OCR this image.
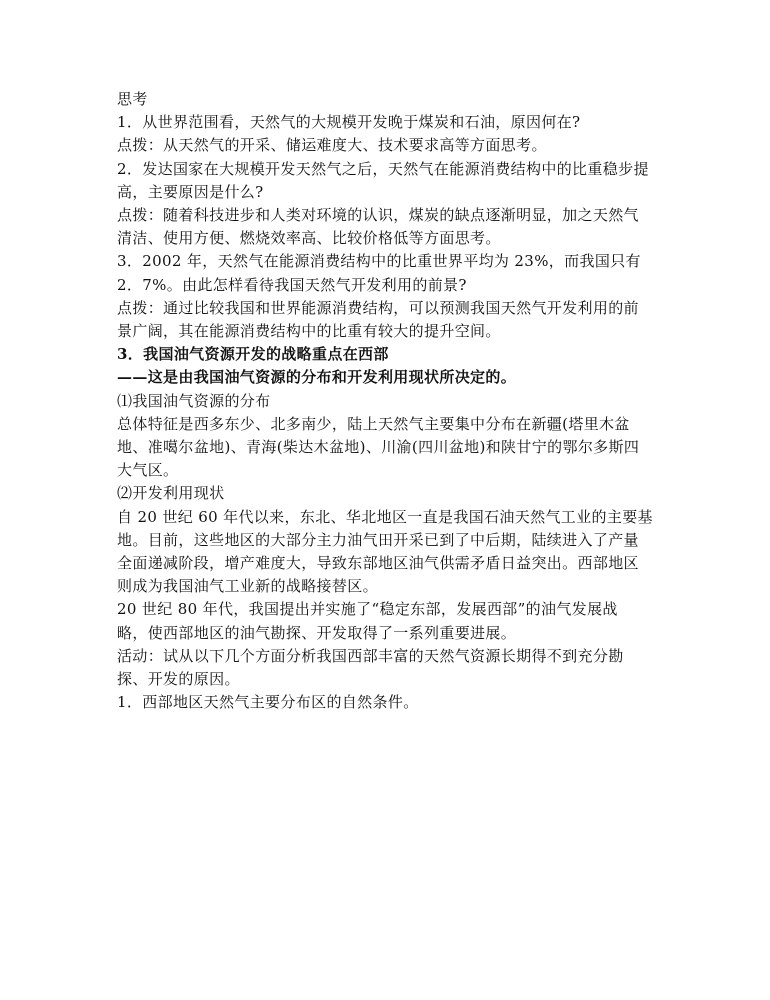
思考
1．从世界范围看，天然气的大规模开发晚于煤炭和石油，原因何在?
点拨：从天然气的开采、储运难度大、技术要求高等方面思考。
2．发达国家在大规模开发天然气之后，天然气在能源消费结构中的比重稳步提
高，主要原因是什么?
点拨：随着科技进步和人类对环境的认识，煤炭的缺点逐渐明显，加之天然气
清洁、使用方便、燃烧效率高、比较价格低等方面思考。
3．2002 年，天然气在能源消费结构中的比重世界平均为 23%，而我国只有
2．7%。由此怎样看待我国天然气开发利用的前景?
点拨：通过比较我国和世界能源消费结构，可以预测我国天然气开发利用的前
景广阔，其在能源消费结构中的比重有较大的提升空间。
3．我国油气资源开发的战略重点在西部
——这是由我国油气资源的分布和开发利用现状所决定的。
⑴我国油气资源的分布
总体特征是西多东少、北多南少，陆上天然气主要集中分布在新疆(塔里木盆
地、准噶尔盆地)、青海(柴达木盆地)、川渝(四川盆地)和陕甘宁的鄂尔多斯四
大气区。
⑵开发利用现状
自 20 世纪 60 年代以来，东北、华北地区一直是我国石油天然气工业的主要基
地。目前，这些地区的大部分主力油气田开采已到了中后期，陆续进入了产量
全面递减阶段，增产难度大，导致东部地区油气供需矛盾日益突出。西部地区
则成为我国油气工业新的战略接替区。
20 世纪 80 年代，我国提出并实施了“稳定东部，发展西部”的油气发展战
略，使西部地区的油气勘探、开发取得了一系列重要进展。
活动：试从以下几个方面分析我国西部丰富的天然气资源长期得不到充分勘
探、开发的原因。
1．西部地区天然气主要分布区的自然条件。
